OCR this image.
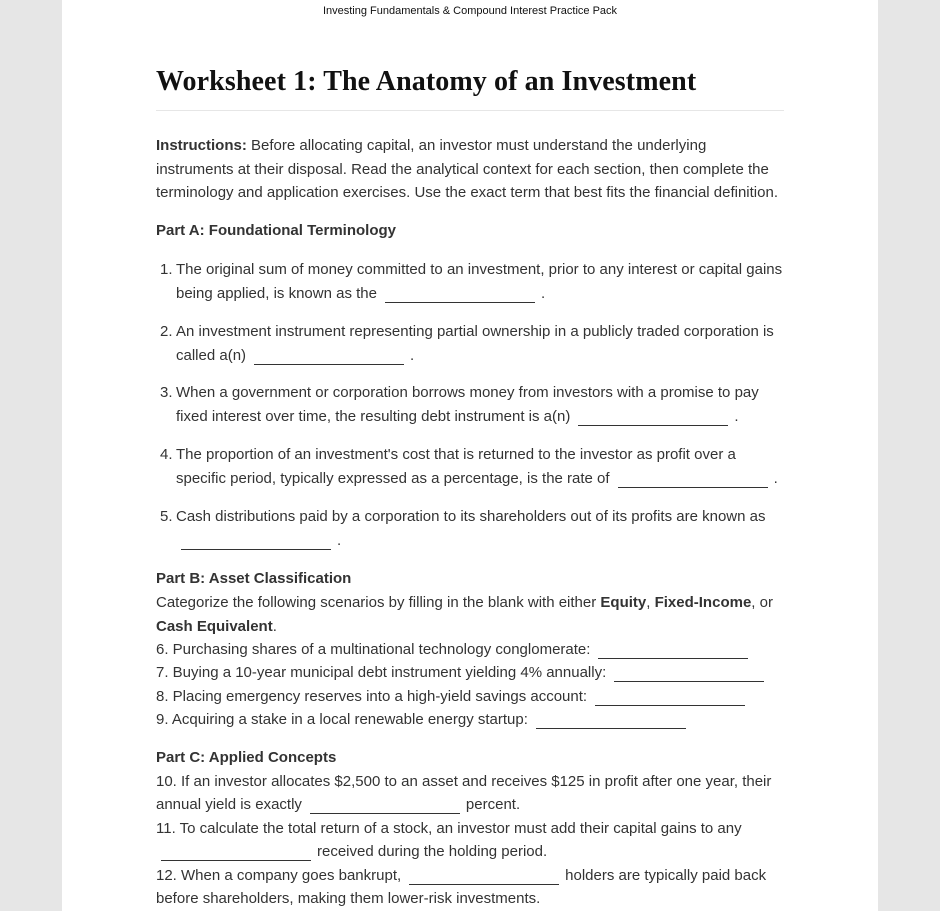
Investing Fundamentals & Compound Interest Practice Pack
Worksheet 1: The Anatomy of an Investment
Instructions: Before allocating capital, an investor must understand the underlying instruments at their disposal. Read the analytical context for each section, then complete the terminology and application exercises. Use the exact term that best fits the financial definition.
Part A: Foundational Terminology
1. The original sum of money committed to an investment, prior to any interest or capital gains being applied, is known as the	.
2. An investment instrument representing partial ownership in a publicly traded corporation is called a(n)	.
3. When a government or corporation borrows money from investors with a promise to pay fixed interest over time, the resulting debt instrument is a(n)	.
4. The proportion of an investment's cost that is returned to the investor as profit over a specific period, typically expressed as a percentage, is the rate of	.
5. Cash distributions paid by a corporation to its shareholders out of its profits are known as
.
Part B: Asset Classification
Categorize the following scenarios by filling in the blank with either Equity, Fixed-Income, or
Cash Equivalent.
6. Purchasing shares of a multinational technology conglomerate:
7. Buying a 10-year municipal debt instrument yielding 4% annually:
8. Placing emergency reserves into a high-yield savings account:
9. Acquiring a stake in a local renewable energy startup:
Part C: Applied Concepts
10. If an investor allocates $2,500 to an asset and receives $125 in profit after one year, their
annual yield is exactly	percent.
11. To calculate the total return of a stock, an investor must add their capital gains to any
received during the holding period.
12. When a company goes bankrupt,	holders are typically paid back
before shareholders, making them lower-risk investments.
